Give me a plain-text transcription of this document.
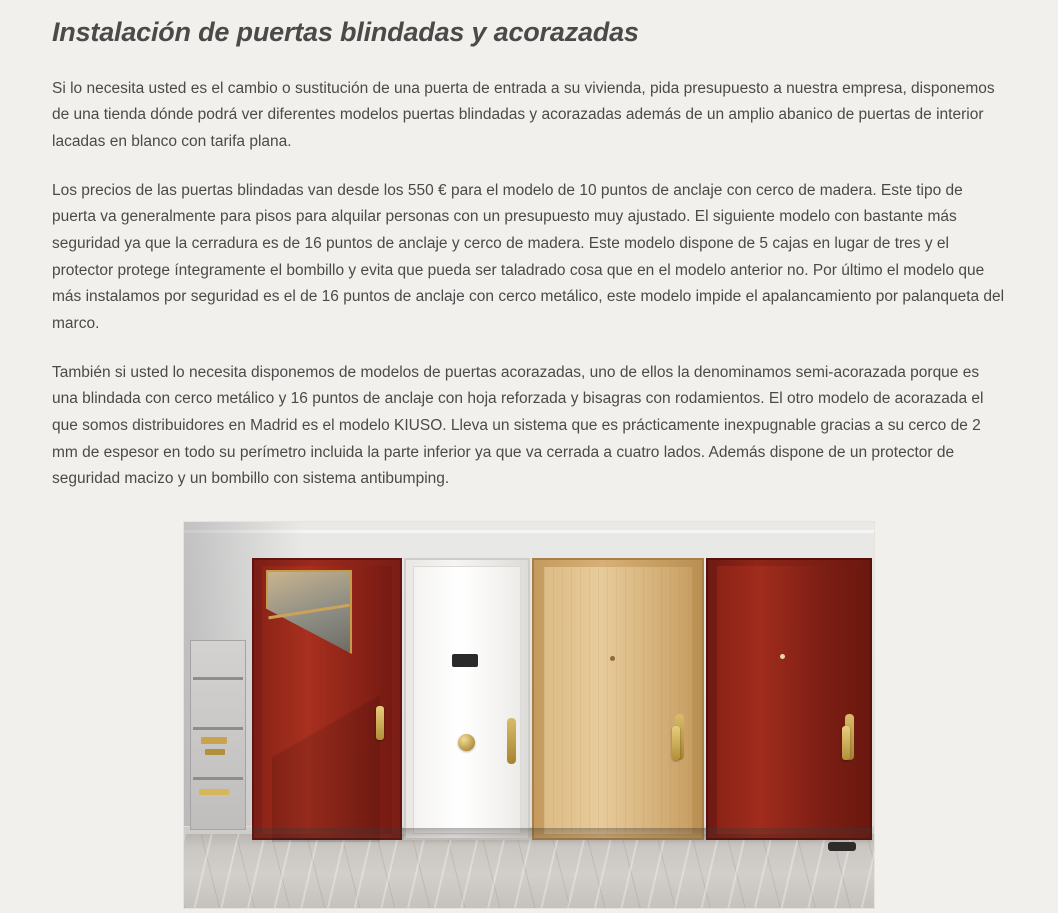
Instalación de puertas blindadas y acorazadas

Si lo necesita usted es el cambio o sustitución de una puerta de entrada a su vivienda, pida presupuesto a nuestra empresa, disponemos de una tienda dónde podrá ver diferentes modelos puertas blindadas y acorazadas además de un amplio abanico de puertas de interior lacadas en blanco con tarifa plana.

Los precios de las puertas blindadas van desde los 550 € para el modelo de 10 puntos de anclaje con cerco de madera. Este tipo de puerta va generalmente para pisos para alquilar personas con un presupuesto muy ajustado. El siguiente modelo con bastante más seguridad ya que la cerradura es de 16 puntos de anclaje y cerco de madera. Este modelo dispone de 5 cajas en lugar de tres y el protector protege íntegramente el bombillo y evita que pueda ser taladrado cosa que en el modelo anterior no. Por último el modelo que más instalamos por seguridad es el de 16 puntos de anclaje con cerco metálico, este modelo impide el apalancamiento por palanqueta del marco.

También si usted lo necesita disponemos de modelos de puertas acorazadas, uno de ellos la denominamos semi-acorazada porque es una blindada con cerco metálico y 16 puntos de anclaje con hoja reforzada y bisagras con rodamientos. El otro modelo de acorazada el que somos distribuidores en Madrid es el modelo KIUSO. Lleva un sistema que es prácticamente inexpugnable gracias a su cerco de 2 mm de espesor en todo su perímetro incluida la parte inferior ya que va cerrada a cuatro lados. Además dispone de un protector de seguridad macizo y un bombillo con sistema antibumping.
